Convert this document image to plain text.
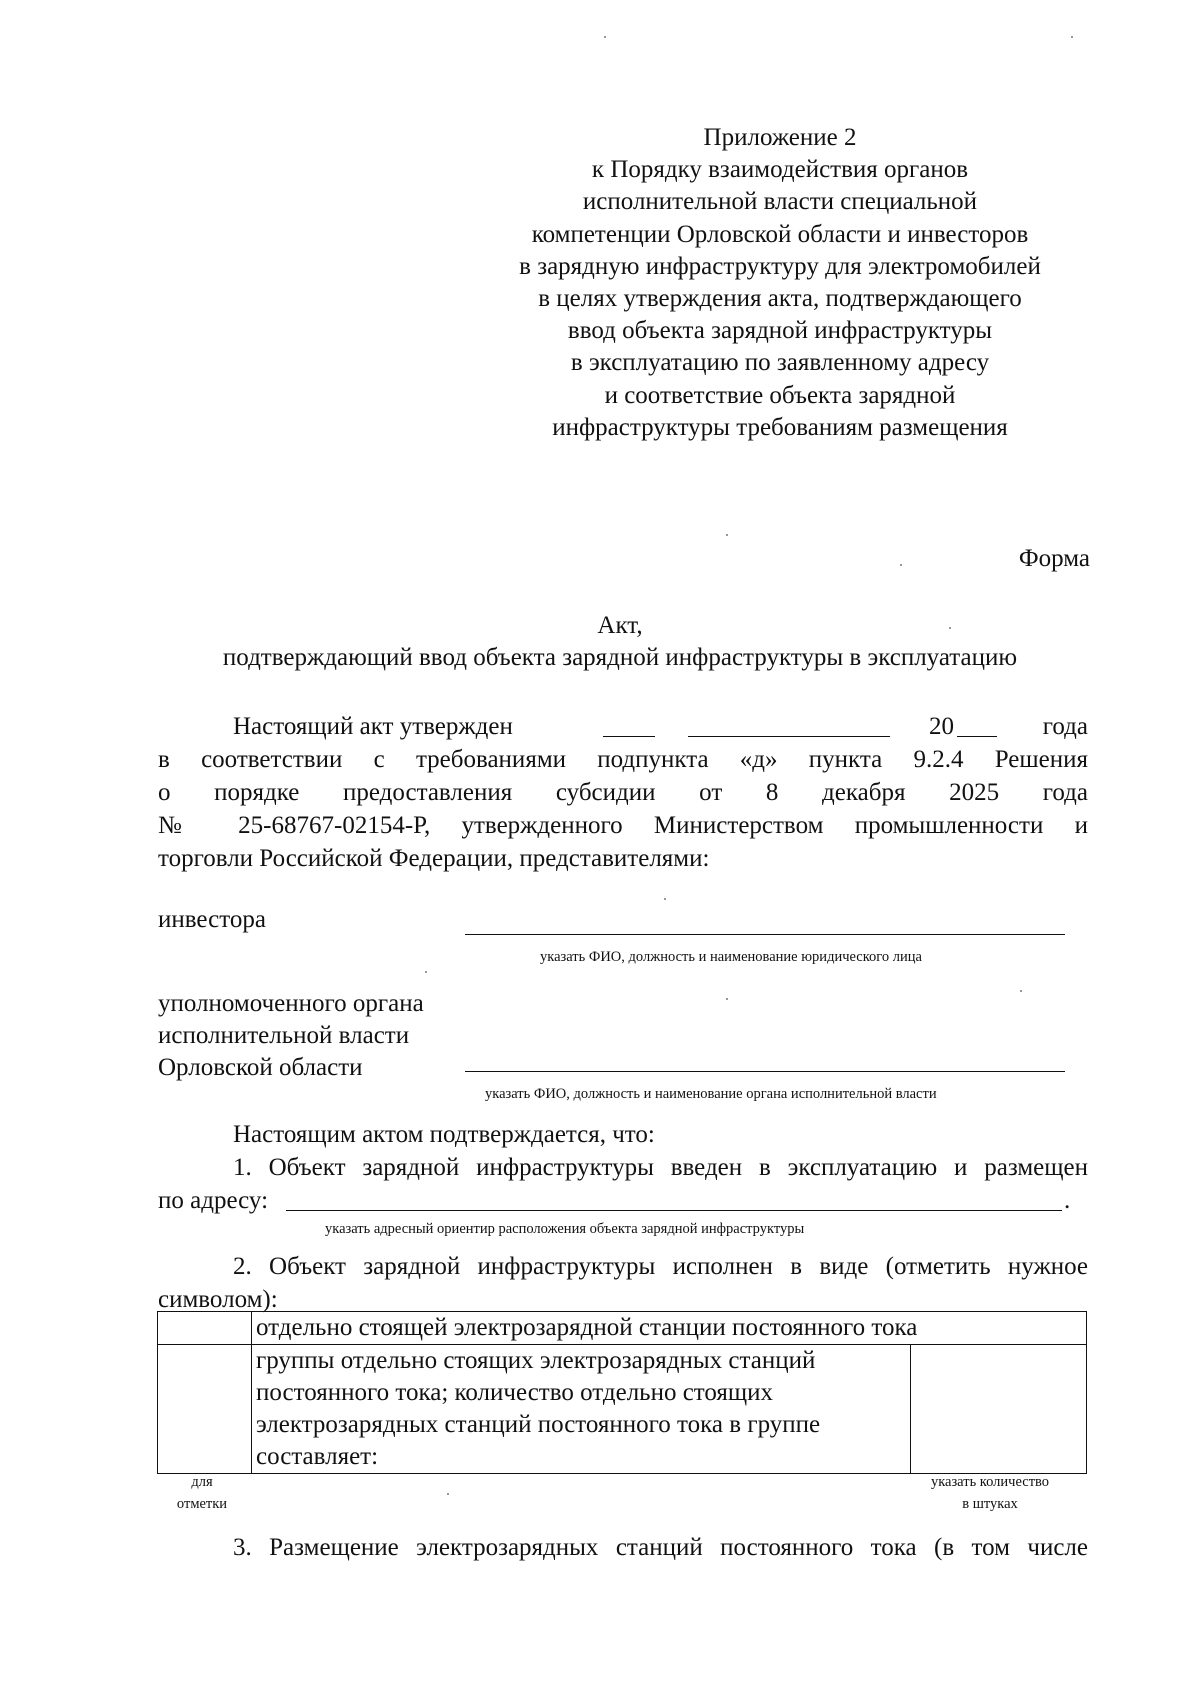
Приложение 2
к Порядку взаимодействия органов
исполнительной власти специальной
компетенции Орловской области и инвесторов
в зарядную инфраструктуру для электромобилей
в целях утверждения акта, подтверждающего
ввод объекта зарядной инфраструктуры
в эксплуатацию по заявленному адресу
и соответствие объекта зарядной
инфраструктуры требованиям размещения
Форма
Акт,
подтверждающий ввод объекта зарядной инфраструктуры в эксплуатацию
Настоящий акт утвержден	20	года
в соответствии с требованиями подпункта «д» пункта 9.2.4 Решения
о порядке предоставления субсидии от 8 декабря 2025 года
№ 25-68767-02154-Р, утвержденного Министерством промышленности и
торговли Российской Федерации, представителями:
инвестора
указать ФИО, должность и наименование юридического лица
уполномоченного органа
исполнительной власти
Орловской области
указать ФИО, должность и наименование органа исполнительной власти
Настоящим актом подтверждается, что:
1. Объект зарядной инфраструктуры введен в эксплуатацию и размещен
по адресу:	.
указать адресный ориентир расположения объекта зарядной инфраструктуры
2. Объект зарядной инфраструктуры исполнен в виде (отметить нужное
символом):
	отдельно стоящей электрозарядной станции постоянного тока	

	группы отдельно стоящих электрозарядных станций
постоянного тока; количество отдельно стоящих
электрозарядных станций постоянного тока в группе
составляет:	

для
отметки
указать количество
в штуках
3. Размещение электрозарядных станций постоянного тока (в том числе
